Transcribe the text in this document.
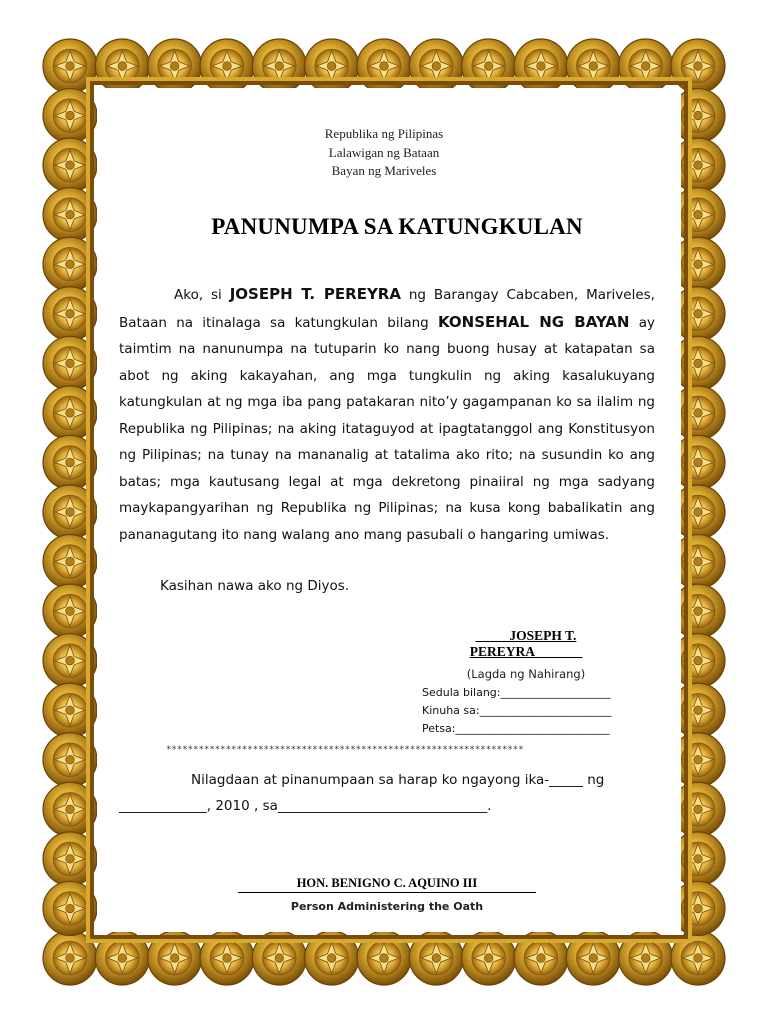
Republika ng Pilipinas
Lalawigan ng Bataan
Bayan ng Mariveles
PANUNUMPA SA KATUNGKULAN
Ako, si JOSEPH T. PEREYRA ng Barangay Cabcaben, Mariveles, Bataan na itinalaga sa katungkulan bilang KONSEHAL NG BAYAN ay taimtim na nanunumpa na tutuparin ko nang buong husay at katapatan sa abot ng aking kakayahan, ang mga tungkulin ng aking kasalukuyang katungkulan at ng mga iba pang patakaran nito’y gagampanan ko sa ilalim ng Republika ng Pilipinas; na aking itataguyod at ipagtatanggol ang Konstitusyon ng Pilipinas; na tunay na mananalig at tatalima ako rito; na susundin ko ang batas; mga kautusang legal at mga dekretong pinaiiral ng mga sadyang maykapangyarihan ng Republika ng Pilipinas; na kusa kong babalikatin ang pananagutang ito nang walang ano mang pasubali o hangaring umiwas.
Kasihan nawa ako ng Diyos.
_____JOSEPH T. PEREYRA_______
(Lagda ng Nahirang)
Sedula bilang:____________________
Kinuha sa:________________________
Petsa:____________________________
******************************************************************
Nilagdaan at pinanumpaan sa harap ko ngayong ika-_____ ng
_____________, 2010 , sa_______________________________.
HON. BENIGNO C. AQUINO III
Person Administering the Oath
